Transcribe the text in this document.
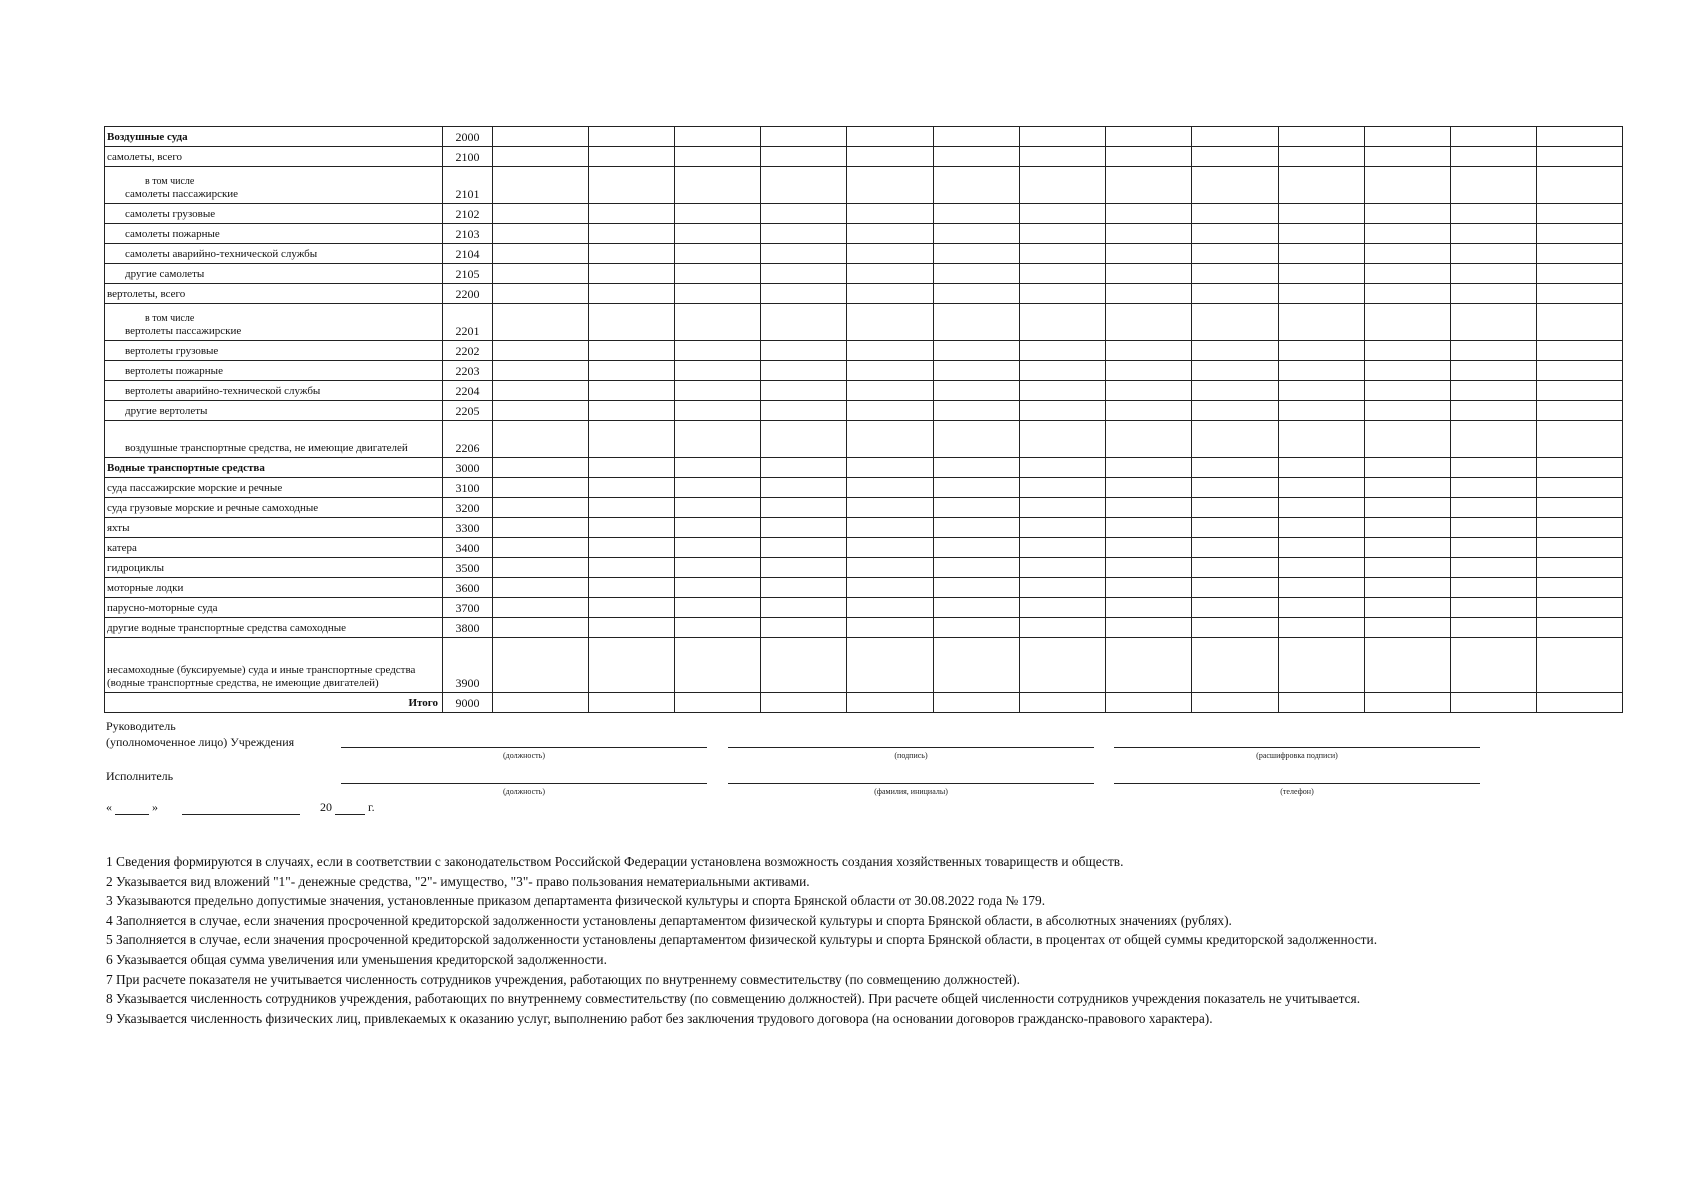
Воздушные суда	2000													
самолеты, всего	2100													

в том числе
самолеты пассажирские	2101													
самолеты грузовые	2102													
самолеты пожарные	2103													
самолеты аварийно-технической службы	2104													
другие самолеты	2105													
вертолеты, всего	2200													

в том числе
вертолеты пассажирские	2201													
вертолеты грузовые	2202													
вертолеты пожарные	2203													
вертолеты аварийно-технической службы	2204													
другие вертолеты	2205													
воздушные транспортные средства, не имеющие двигателей	2206													
Водные транспортные средства	3000													
суда пассажирские морские и речные	3100													
суда грузовые морские и речные самоходные	3200													
яхты	3300													
катера	3400													
гидроциклы	3500													
моторные лодки	3600													
парусно-моторные суда	3700													
другие водные транспортные средства самоходные	3800													
несамоходные (буксируемые) суда и иные транспортные средства (водные транспортные средства, не имеющие двигателей)	3900													
Итого	9000													
Руководитель
(уполномоченное лицо) Учреждения
(должность)	(подпись)	(расшифровка подписи)
Исполнитель
(должность)	(фамилия, инициалы)	(телефон)
«	»	20	г.
1 Сведения формируются в случаях, если в соответствии с законодательством Российской Федерации установлена возможность создания хозяйственных товариществ и обществ.
2 Указывается вид вложений "1"- денежные средства, "2"- имущество, "3"- право пользования нематериальными активами.
3 Указываются предельно допустимые значения, установленные приказом департамента физической культуры и спорта Брянской области от 30.08.2022 года № 179.
4 Заполняется в случае, если значения просроченной кредиторской задолженности установлены департаментом физической культуры и спорта Брянской области, в абсолютных значениях (рублях).
5 Заполняется в случае, если значения просроченной кредиторской задолженности установлены департаментом физической культуры и спорта Брянской области, в процентах от общей суммы кредиторской задолженности.
6 Указывается общая сумма увеличения или уменьшения кредиторской задолженности.
7 При расчете показателя не учитывается численность сотрудников учреждения, работающих по внутреннему совместительству (по совмещению должностей).
8 Указывается численность сотрудников учреждения, работающих по внутреннему совместительству (по совмещению должностей). При расчете общей численности сотрудников учреждения показатель не учитывается.
9 Указывается численность физических лиц, привлекаемых к оказанию услуг, выполнению работ без заключения трудового договора (на основании договоров гражданско-правового характера).
